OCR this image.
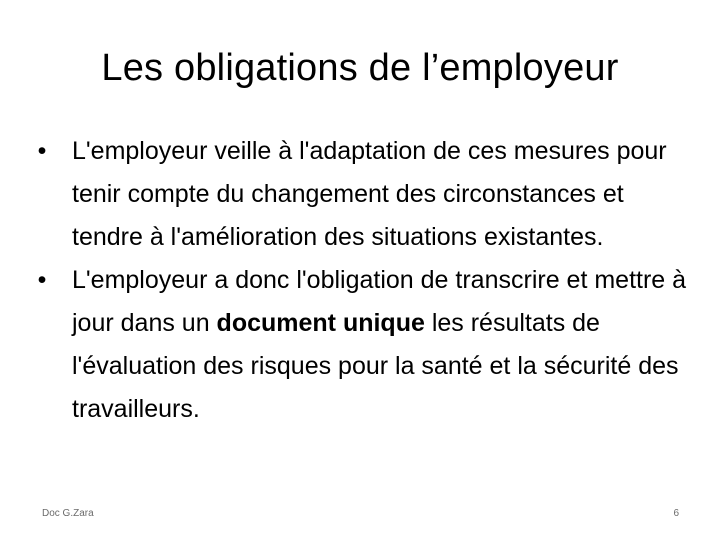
Les obligations de l’employeur
• L'employeur veille à l'adaptation de ces mesures pour tenir compte du changement des circonstances et tendre à l'amélioration des situations existantes.
• L'employeur a donc l'obligation de transcrire et mettre à jour dans un document unique les résultats de l'évaluation des risques pour la santé et la sécurité des travailleurs.
Doc G.Zara	6
